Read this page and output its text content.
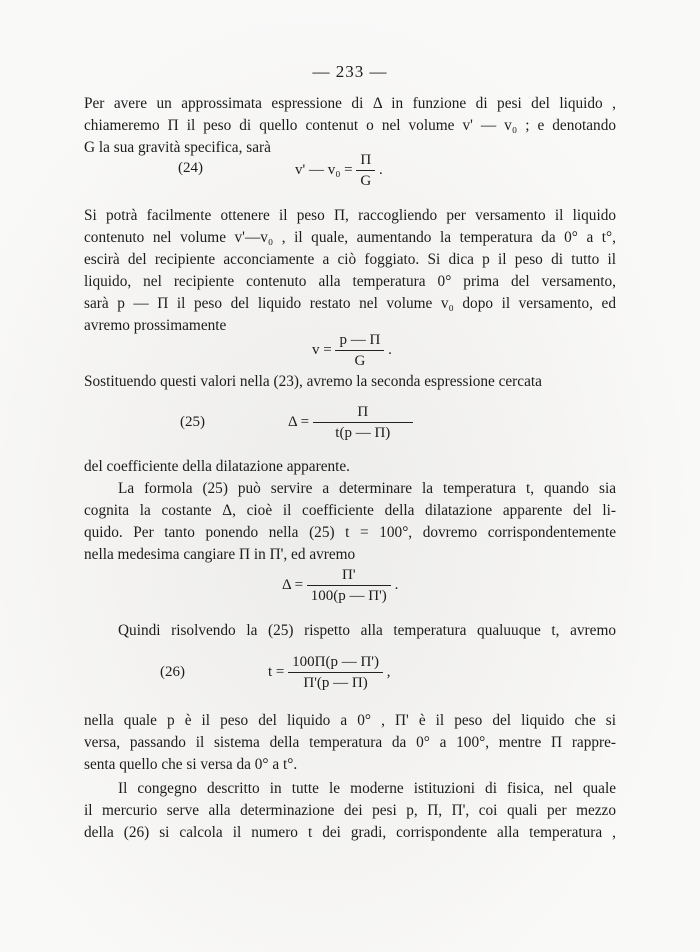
— 233 —
Per avere un approssimata espressione di Δ in funzione di pesi del liquido ,
chiameremo Π il peso di quello contenut o nel volume v' — v₀ ; e denotando
G la sua gravità specifica, sarà
(24)	v' — $v_0 = \frac{\Pi}{G}$ .
Si potrà facilmente ottenere il peso Π, raccogliendo per versamento il liquido
contenuto nel volume v'—v₀ , il quale, aumentando la temperatura da 0° a t°,
escirà del recipiente acconciamente a ciò foggiato. Si dica p il peso di tutto il
liquido, nel recipiente contenuto alla temperatura 0° prima del versamento,
sarà p — Π il peso del liquido restato nel volume v₀ dopo il versamento, ed
avremo prossimamente
$v = \frac{p — \Pi}{G}$ .
Sostituendo questi valori nella (23), avremo la seconda espressione cercata
(25)	$\Delta = \frac{\Pi}{t(p — \Pi)}$
del coefficiente della dilatazione apparente.
La formola (25) può servire a determinare la temperatura t, quando sia
cognita la costante Δ, cioè il coefficiente della dilatazione apparente del li-
quido. Per tanto ponendo nella (25) t = 100°, dovremo corrispondentemente
nella medesima cangiare Π in Π', ed avremo
$\Delta = \frac{\Pi'}{100(p — \Pi')}$ .
Quindi risolvendo la (25) rispetto alla temperatura qualuuque t, avremo
(26)	$t = \frac{100\Pi(p — \Pi')}{\Pi'(p — \Pi)}$ ,
nella quale p è il peso del liquido a 0° , Π' è il peso del liquido che si
versa, passando il sistema della temperatura da 0° a 100°, mentre Π rappre-
senta quello che si versa da 0° a t°.
Il congegno descritto in tutte le moderne istituzioni di fisica, nel quale
il mercurio serve alla determinazione dei pesi p, Π, Π', coi quali per mezzo
della (26) si calcola il numero t dei gradi, corrispondente alla temperatura ,
